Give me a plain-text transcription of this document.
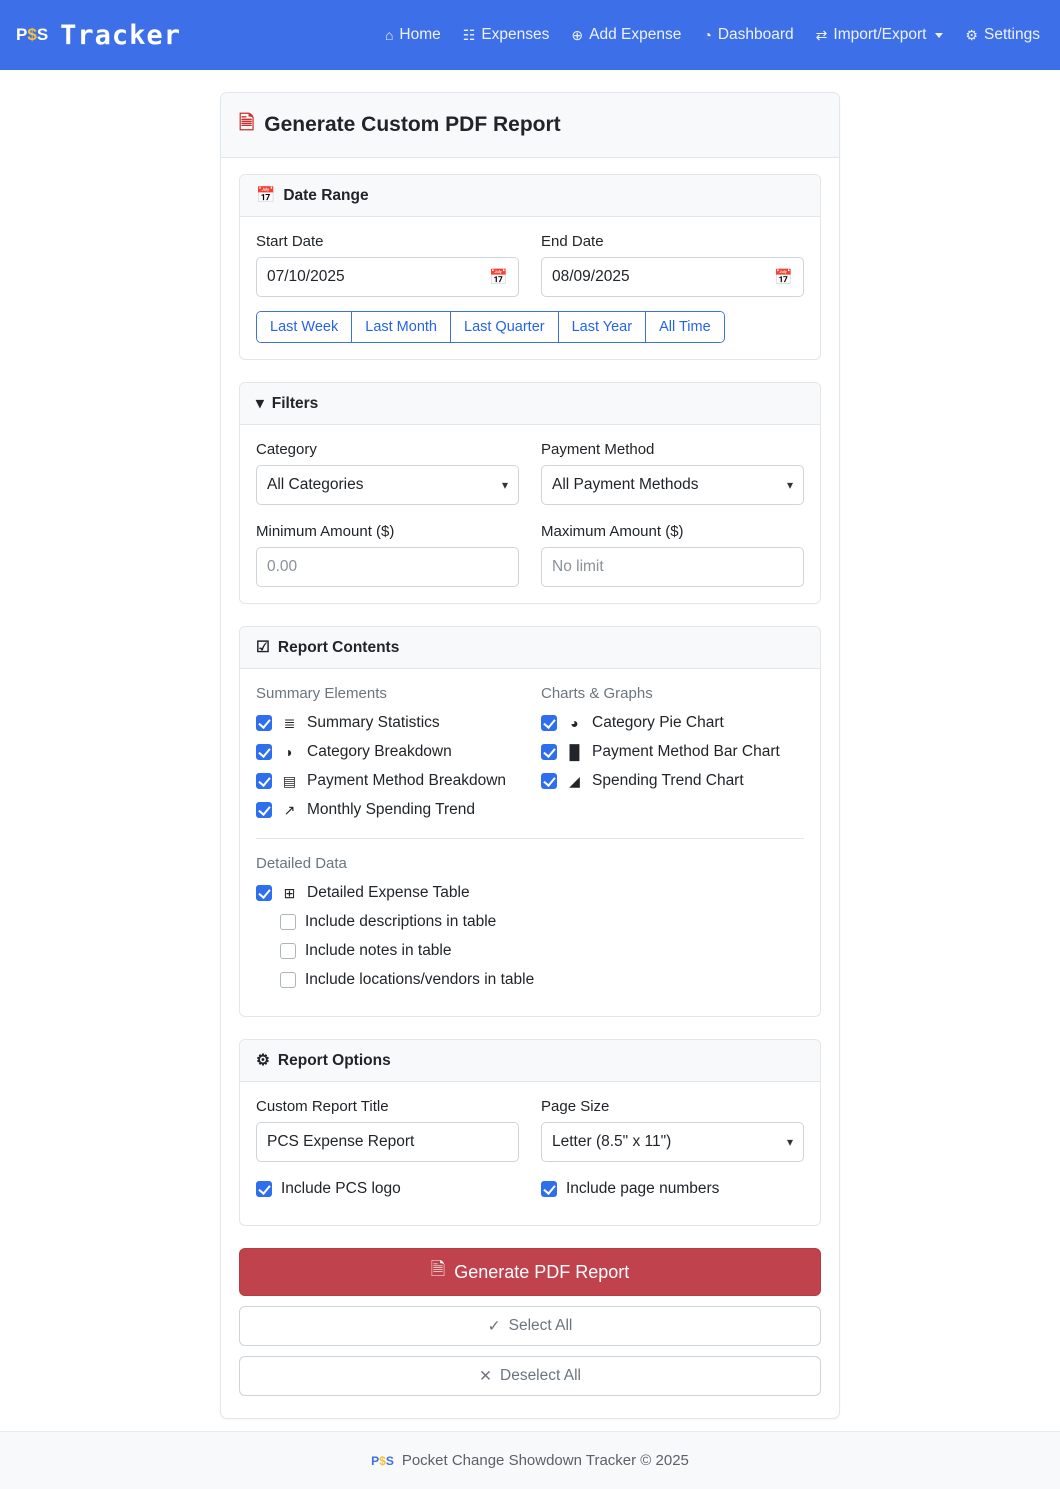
P$S Tracker	⌂ Home ☷ Expenses ⊕ Add Expense ◔ Dashboard ⇄ Import/Export	⚙ Settings
🗎 Generate Custom PDF Report
📅 Date Range
Start Date
07/10/2025	📅
End Date
08/09/2025	📅
Last Week	Last Month	Last Quarter	Last Year	All Time
▾ Filters
Category
All Categories	▾
Payment Method
All Payment Methods	▾
Minimum Amount ($)
0.00
Maximum Amount ($)
No limit
☑ Report Contents
Summary Elements
≣ Summary Statistics
◗ Category Breakdown
▤ Payment Method Breakdown
↗ Monthly Spending Trend
Charts & Graphs
◕ Category Pie Chart
█ Payment Method Bar Chart
◢ Spending Trend Chart
Detailed Data
⊞ Detailed Expense Table
Include descriptions in table
Include notes in table
Include locations/vendors in table
⚙ Report Options
Custom Report Title
PCS Expense Report
Page Size
Letter (8.5" x 11")	▾
Include PCS logo	Include page numbers
🗎 Generate PDF Report
✓ Select All
✕ Deselect All
P$S Pocket Change Showdown Tracker © 2025
